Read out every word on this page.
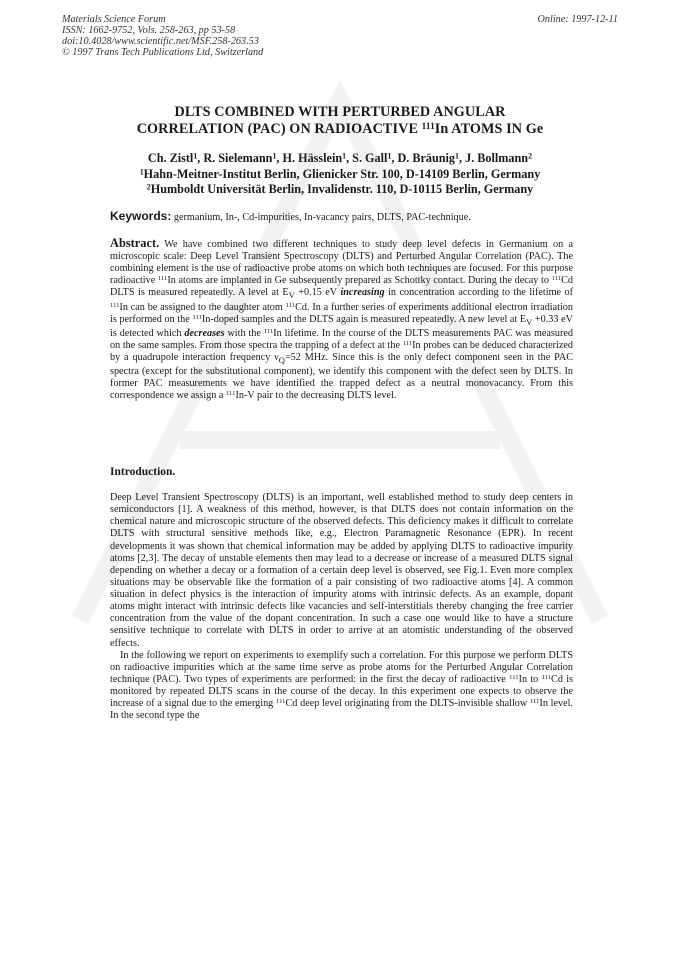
Materials Science Forum
ISSN: 1662-9752, Vols. 258-263, pp 53-58
doi:10.4028/www.scientific.net/MSF.258-263.53
© 1997 Trans Tech Publications Ltd, Switzerland
Online: 1997-12-11
DLTS COMBINED WITH PERTURBED ANGULAR
CORRELATION (PAC) ON RADIOACTIVE $^{111}$In ATOMS IN Ge
Ch. Zistl$^1$, R. Sielemann$^1$, H. Hässlein$^1$, S. Gall$^1$, D. Bräunig$^1$, J. Bollmann$^2$
$^1$Hahn-Meitner-Institut Berlin, Glienicker Str. 100, D-14109 Berlin, Germany
$^2$Humboldt Universität Berlin, Invalidenstr. 110, D-10115 Berlin, Germany
Keywords: germanium, In-, Cd-impurities, In-vacancy pairs, DLTS, PAC-technique.
Abstract. We have combined two different techniques to study deep level defects in Germanium on a microscopic scale: Deep Level Transient Spectroscopy (DLTS) and Perturbed Angular Correlation (PAC). The combining element is the use of radioactive probe atoms on which both techniques are focused. For this purpose radioactive $^{111}$In atoms are implanted in Ge subsequently prepared as Schottky contact. During the decay to $^{111}$Cd DLTS is measured repeatedly. A level at $E_V +0.15$ eV increasing in concentration according to the lifetime of $^{111}$In can be assigned to the daughter atom $^{111}$Cd. In a further series of experiments additional electron irradiation is performed on the $^{111}$In-doped samples and the DLTS again is measured repeatedly. A new level at $E_V +0.33$ eV is detected which decreases with the $^{111}$In lifetime. In the course of the DLTS measurements PAC was measured on the same samples. From those spectra the trapping of a defect at the $^{111}$In probes can be deduced characterized by a quadrupole interaction frequency $\nu_Q=52$ MHz. Since this is the only defect component seen in the PAC spectra (except for the substitutional component), we identify this component with the defect seen by DLTS. In former PAC measurements we have identified the trapped defect as a neutral monovacancy. From this correspondence we assign a $^{111}$In-V pair to the decreasing DLTS level.
Introduction.

Deep Level Transient Spectroscopy (DLTS) is an important, well established method to study deep centers in semiconductors [1]. A weakness of this method, however, is that DLTS does not contain information on the chemical nature and microscopic structure of the observed defects. This deficiency makes it difficult to correlate DLTS with structural sensitive methods like, e.g., Electron Paramagnetic Resonance (EPR). In recent developments it was shown that chemical information may be added by applying DLTS to radioactive impurity atoms [2,3]. The decay of unstable elements then may lead to a decrease or increase of a measured DLTS signal depending on whether a decay or a formation of a certain deep level is observed, see Fig.1. Even more complex situations may be observable like the formation of a pair consisting of two radioactive atoms [4]. A common situation in defect physics is the interaction of impurity atoms with intrinsic defects. As an example, dopant atoms might interact with intrinsic defects like vacancies and self-interstitials thereby changing the free carrier concentration from the value of the dopant concentration. In such a case one would like to have a structure sensitive technique to correlate with DLTS in order to arrive at an atomistic understanding of the observed effects.

In the following we report on experiments to exemplify such a correlation. For this purpose we perform DLTS on radioactive impurities which at the same time serve as probe atoms for the Perturbed Angular Correlation technique (PAC). Two types of experiments are performed: in the first the decay of radioactive $^{111}$In to $^{111}$Cd is monitored by repeated DLTS scans in the course of the decay. In this experiment one expects to observe the increase of a signal due to the emerging $^{111}$Cd deep level originating from the DLTS-invisible shallow $^{111}$In level. In the second type the
